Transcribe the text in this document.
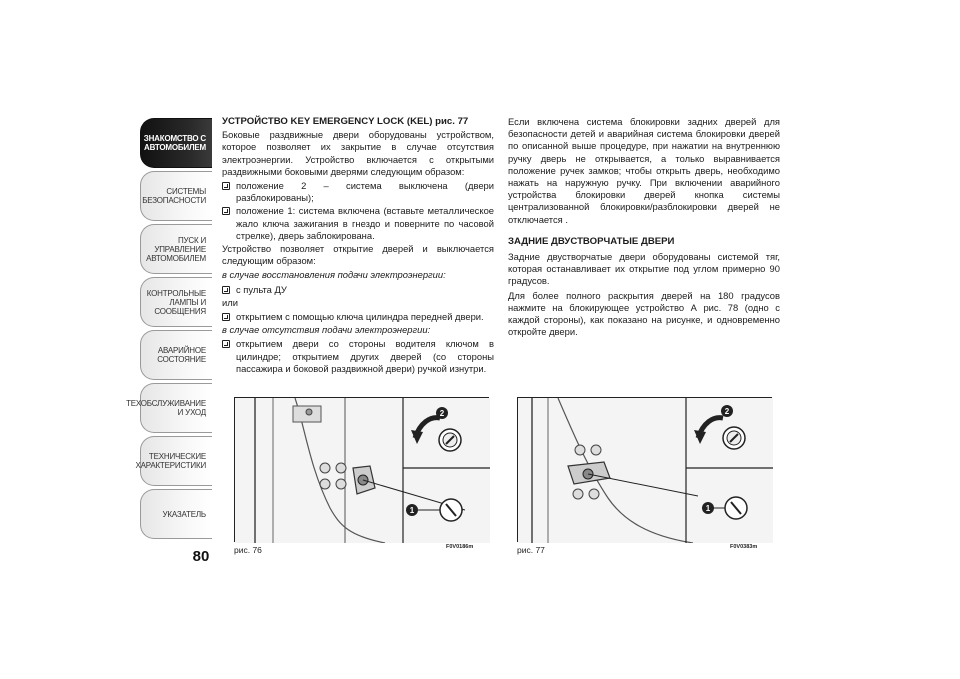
ЗНАКОМСТВО С
АВТОМОБИЛЕМ
СИСТЕМЫ
БЕЗОПАСНОСТИ
ПУСК И УПРАВЛЕНИЕ
АВТОМОБИЛЕМ
КОНТРОЛЬНЫЕ
ЛАМПЫ И
СООБЩЕНИЯ
АВАРИЙНОЕ
СОСТОЯНИЕ
ТЕХОБСЛУЖИВАНИЕ
И УХОД
ТЕХНИЧЕСКИЕ
ХАРАКТЕРИСТИКИ
УКАЗАТЕЛЬ
80
УСТРОЙСТВО KEY EMERGENCY LOCK (KEL) рис. 77
Боковые раздвижные двери оборудованы устройством, которое позволяет их закрытие в случае отсутствия электроэнергии. Устройство включается с открытыми раздвижными боковыми дверями следующим образом:
положение 2 – система выключена (двери разблокированы);
положение 1: система включена (вставьте металлическое жало ключа зажигания в гнездо и поверните по часовой стрелке), дверь заблокирована.
Устройство позволяет открытие дверей и выключается следующим образом:
в случае восстановления подачи электроэнергии:
с пульта ДУ
или
открытием с помощью ключа цилиндра передней двери.
в случае отсутствия подачи электроэнергии:
открытием двери со стороны водителя ключом в цилиндре; открытием других дверей (со стороны пассажира и боковой раздвижной двери) ручкой изнутри.
Если включена система блокировки задних дверей для безопасности детей и аварийная система блокировки дверей по описанной выше процедуре, при нажатии на внутреннюю ручку дверь не открывается, а только выравнивается положение ручек замков; чтобы открыть дверь, необходимо нажать на наружную ручку. При включении аварийного устройства блокировки дверей кнопка системы централизованной блокировки/разблокировки дверей не отключается .
ЗАДНИЕ ДВУСТВОРЧАТЫЕ ДВЕРИ
Задние двустворчатые двери оборудованы системой тяг, которая останавливает их открытие под углом примерно 90 градусов.
Для более полного раскрытия дверей на 180 градусов нажмите на блокирующее устройство А рис. 78 (одно с каждой стороны), как показано на рисунке, и одновременно откройте двери.
2
1
рис. 76	F0V0186m
2
1
рис. 77	F0V0383m
